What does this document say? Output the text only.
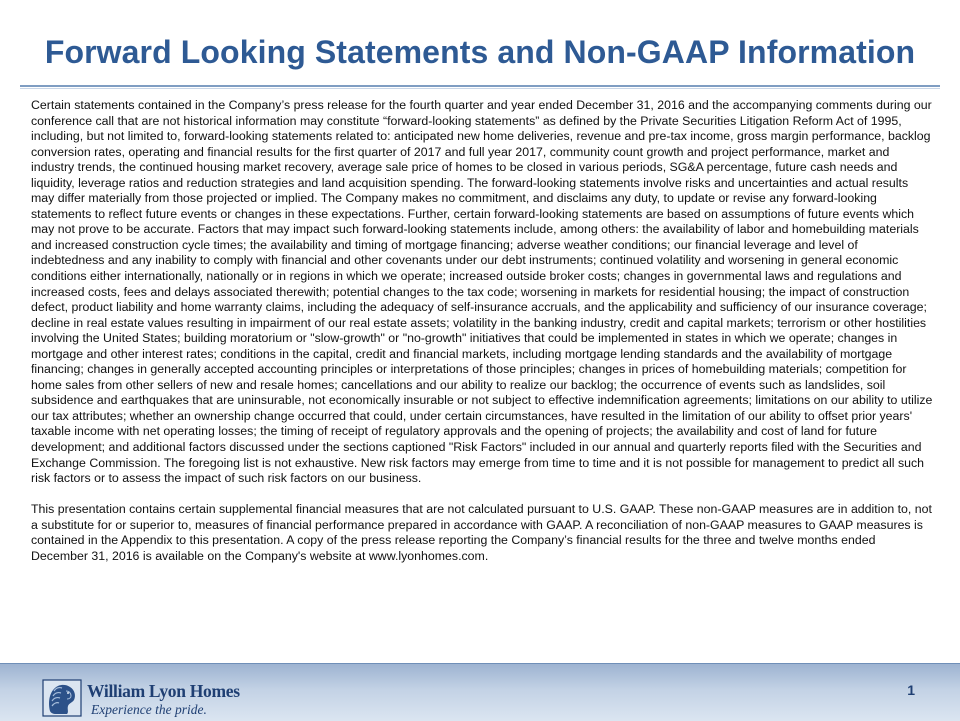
Forward Looking Statements and Non-GAAP Information

Certain statements contained in the Company’s press release for the fourth quarter and year ended December 31, 2016 and the accompanying comments during our conference call that are not historical information may constitute “forward-looking statements” as defined by the Private Securities Litigation Reform Act of 1995, including, but not limited to, forward-looking statements related to: anticipated new home deliveries, revenue and pre-tax income, gross margin performance, backlog conversion rates, operating and financial results for the first quarter of 2017 and full year 2017, community count growth and project performance, market and industry trends, the continued housing market recovery, average sale price of homes to be closed in various periods, SG&A percentage, future cash needs and liquidity, leverage ratios and reduction strategies and land acquisition spending. The forward-looking statements involve risks and uncertainties and actual results may differ materially from those projected or implied. The Company makes no commitment, and disclaims any duty, to update or revise any forward-looking statements to reflect future events or changes in these expectations. Further, certain forward-looking statements are based on assumptions of future events which may not prove to be accurate. Factors that may impact such forward-looking statements include, among others: the availability of labor and homebuilding materials and increased construction cycle times; the availability and timing of mortgage financing; adverse weather conditions; our financial leverage and level of indebtedness and any inability to comply with financial and other covenants under our debt instruments; continued volatility and worsening in general economic conditions either internationally, nationally or in regions in which we operate; increased outside broker costs; changes in governmental laws and regulations and increased costs, fees and delays associated therewith; potential changes to the tax code; worsening in markets for residential housing; the impact of construction defect, product liability and home warranty claims, including the adequacy of self-insurance accruals, and the applicability and sufficiency of our insurance coverage; decline in real estate values resulting in impairment of our real estate assets; volatility in the banking industry, credit and capital markets; terrorism or other hostilities involving the United States; building moratorium or "slow-growth" or "no-growth" initiatives that could be implemented in states in which we operate; changes in mortgage and other interest rates; conditions in the capital, credit and financial markets, including mortgage lending standards and the availability of mortgage financing; changes in generally accepted accounting principles or interpretations of those principles; changes in prices of homebuilding materials; competition for home sales from other sellers of new and resale homes; cancellations and our ability to realize our backlog; the occurrence of events such as landslides, soil subsidence and earthquakes that are uninsurable, not economically insurable or not subject to effective indemnification agreements; limitations on our ability to utilize our tax attributes; whether an ownership change occurred that could, under certain circumstances, have resulted in the limitation of our ability to offset prior years' taxable income with net operating losses; the timing of receipt of regulatory approvals and the opening of projects; the availability and cost of land for future development; and additional factors discussed under the sections captioned "Risk Factors" included in our annual and quarterly reports filed with the Securities and Exchange Commission. The foregoing list is not exhaustive. New risk factors may emerge from time to time and it is not possible for management to predict all such risk factors or to assess the impact of such risk factors on our business.

This presentation contains certain supplemental financial measures that are not calculated pursuant to U.S. GAAP. These non-GAAP measures are in addition to, not a substitute for or superior to, measures of financial performance prepared in accordance with GAAP. A reconciliation of non-GAAP measures to GAAP measures is contained in the Appendix to this presentation. A copy of the press release reporting the Company’s financial results for the three and twelve months ended December 31, 2016 is available on the Company's website at www.lyonhomes.com.

William Lyon Homes
Experience the pride.
1
